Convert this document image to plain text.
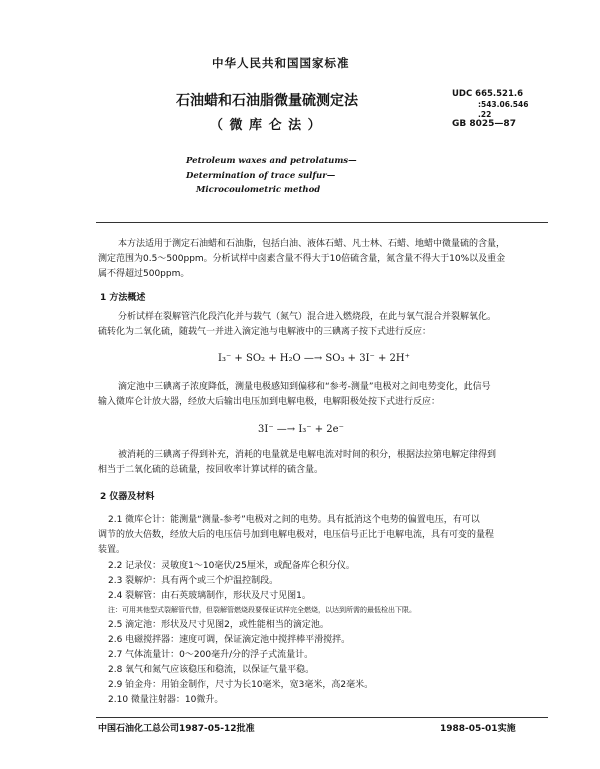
中华人民共和国国家标准
石油蜡和石油脂微量硫测定法
（ 微 库 仑 法 ）
UDC 665.521.6
:543.06.546
.22
GB 8025—87
Petroleum waxes and petrolatums—
Determination of trace sulfur—
Microcoulometric method
本方法适用于测定石油蜡和石油脂，包括白油、液体石蜡、凡士林、石蜡、地蜡中微量硫的含量，
测定范围为0.5～500ppm。分析试样中卤素含量不得大于10倍硫含量，氮含量不得大于10%以及重金
属不得超过500ppm。
1 方法概述
分析试样在裂解管汽化段汽化并与载气（氮气）混合进入燃烧段，在此与氧气混合并裂解氧化。
硫转化为二氧化硫，随载气一并进入滴定池与电解液中的三碘离子按下式进行反应：
I₃⁻ + SO₂ + H₂O —→ SO₃ + 3I⁻ + 2H⁺
滴定池中三碘离子浓度降低，测量电极感知到偏移和“参考-测量”电极对之间电势变化，此信号
输入微库仑计放大器，经放大后输出电压加到电解电极，电解阳极处按下式进行反应：
3I⁻ —→ I₃⁻ + 2e⁻
被消耗的三碘离子得到补充，消耗的电量就是电解电流对时间的积分，根据法拉第电解定律得到
相当于二氧化硫的总硫量，按回收率计算试样的硫含量。
2 仪器及材料
2.1 微库仑计：能测量“测量-参考”电极对之间的电势。具有抵消这个电势的偏置电压，有可以
调节的放大倍数，经放大后的电压信号加到电解电极对，电压信号正比于电解电流，具有可变的量程
装置。
2.2 记录仪：灵敏度1～10毫伏/25厘米，或配备库仑积分仪。
2.3 裂解炉：具有两个或三个炉温控制段。
2.4 裂解管：由石英玻璃制作，形状及尺寸见图1。
注：可用其他型式裂解管代替，但裂解管燃烧段要保证试样完全燃烧，以达到所需的最低检出下限。
2.5 滴定池：形状及尺寸见图2，或性能相当的滴定池。
2.6 电磁搅拌器：速度可调，保证滴定池中搅拌棒平滑搅拌。
2.7 气体流量计：0～200毫升/分的浮子式流量计。
2.8 氧气和氮气应该稳压和稳流，以保证气量平稳。
2.9 铂金舟：用铂金制作，尺寸为长10毫米，宽3毫米，高2毫米。
2.10 微量注射器：10微升。
中国石油化工总公司1987-05-12批准	1988-05-01实施
